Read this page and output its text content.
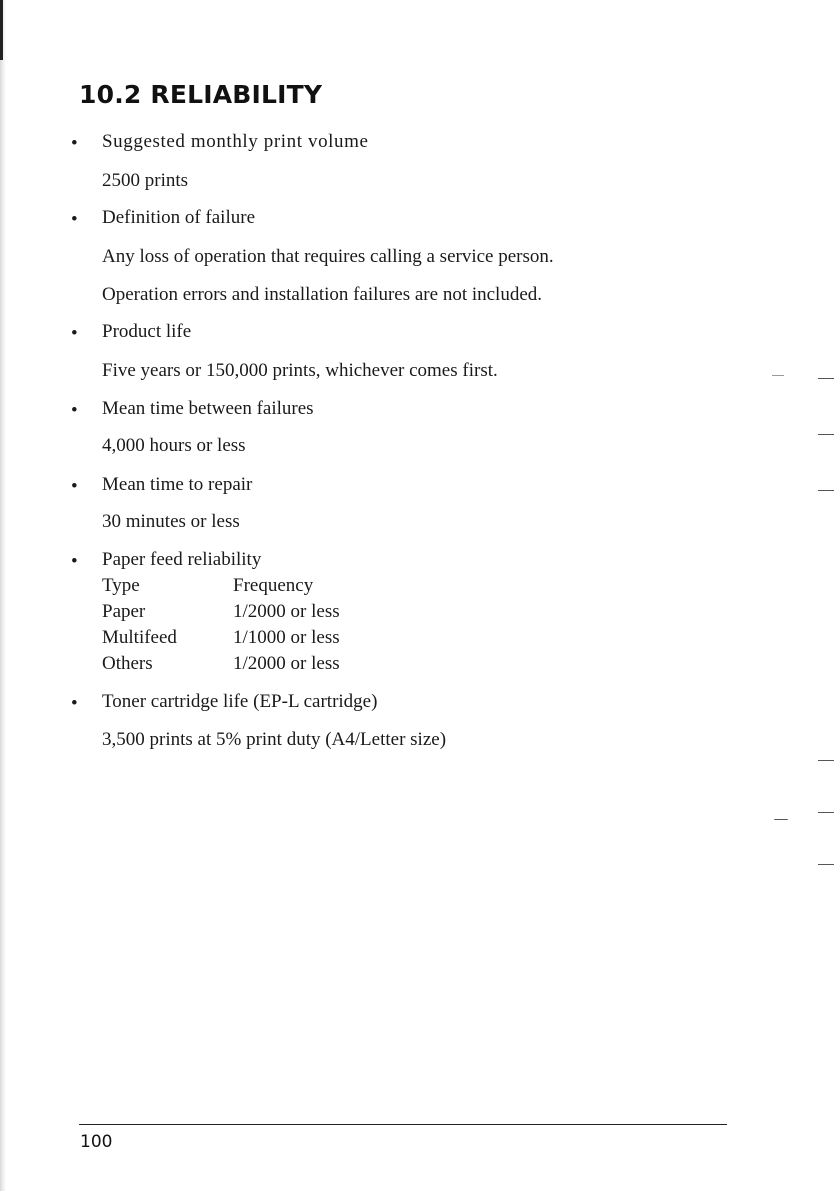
10.2 RELIABILITY
• Suggested monthly print volume
2500 prints
• Definition of failure
Any loss of operation that requires calling a service person.
Operation errors and installation failures are not included.
• Product life
Five years or 150,000 prints, whichever comes first.
• Mean time between failures
4,000 hours or less
• Mean time to repair
30 minutes or less
• Paper feed reliability
Type	Frequency
Paper	1/2000 or less
Multifeed	1/1000 or less
Others	1/2000 or less
• Toner cartridge life (EP-L cartridge)
3,500 prints at 5% print duty (A4/Letter size)
100
